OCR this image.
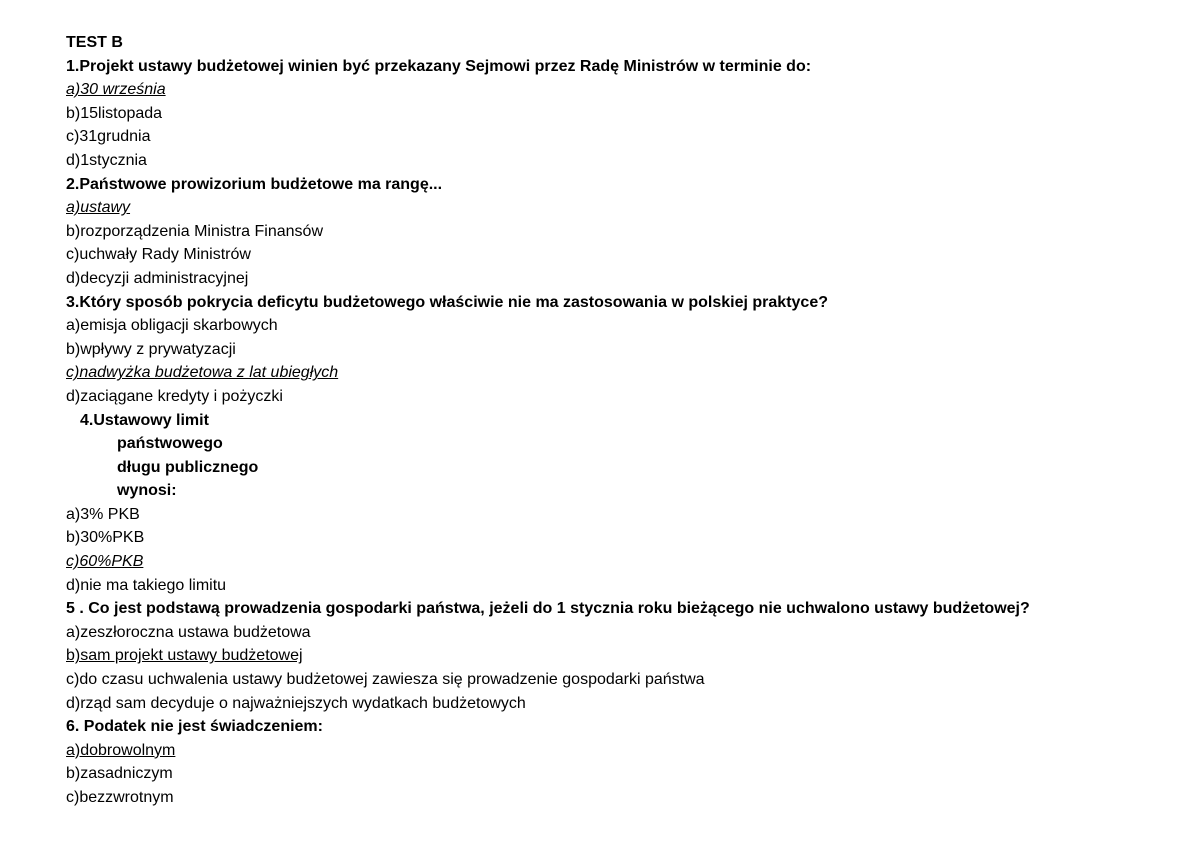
TEST B
1.Projekt ustawy budżetowej winien być przekazany Sejmowi przez Radę Ministrów w terminie do:
a)30 września
b)15listopada
c)31grudnia
d)1stycznia
2.Państwowe prowizorium budżetowe ma rangę...
a)ustawy
b)rozporządzenia Ministra Finansów
c)uchwały Rady Ministrów
d)decyzji administracyjnej
3.Który sposób pokrycia deficytu budżetowego właściwie nie ma zastosowania w polskiej praktyce?
a)emisja obligacji skarbowych
b)wpływy z prywatyzacji
c)nadwyżka budżetowa z lat ubiegłych
d)zaciągane kredyty i pożyczki
4.Ustawowy limit
państwowego
długu publicznego
wynosi:
a)3% PKB
b)30%PKB
c)60%PKB
d)nie ma takiego limitu
5 . Co jest podstawą prowadzenia gospodarki państwa, jeżeli do 1 stycznia roku bieżącego nie uchwalono ustawy budżetowej?
a)zeszłoroczna ustawa budżetowa
b)sam projekt ustawy budżetowej
c)do czasu uchwalenia ustawy budżetowej zawiesza się prowadzenie gospodarki państwa
d)rząd sam decyduje o najważniejszych wydatkach budżetowych
6. Podatek nie jest świadczeniem:
a)dobrowolnym
b)zasadniczym
c)bezzwrotnym
